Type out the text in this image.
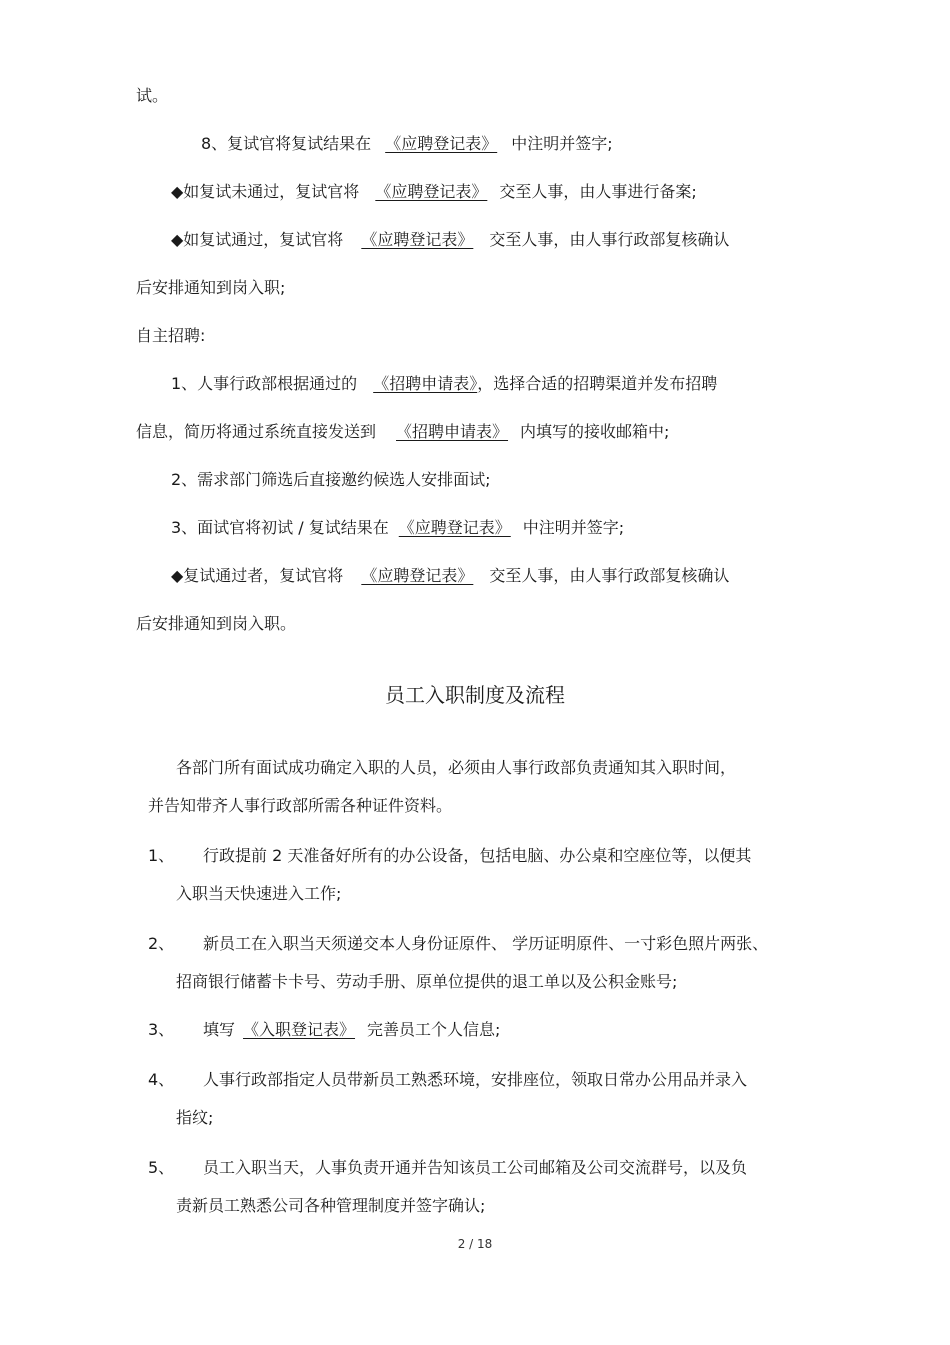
试。
8、复试官将复试结果在 《应聘登记表》 中注明并签字;
◆如复试未通过，复试官将 《应聘登记表》 交至人事，由人事进行备案;
◆如复试通过，复试官将 《应聘登记表》 交至人事，由人事行政部复核确认
后安排通知到岗入职;
自主招聘:
1、人事行政部根据通过的 《招聘申请表》，选择合适的招聘渠道并发布招聘
信息，简历将通过系统直接发送到 《招聘申请表》 内填写的接收邮箱中;
2、需求部门筛选后直接邀约候选人安排面试;
3、面试官将初试 / 复试结果在 《应聘登记表》 中注明并签字;
◆复试通过者，复试官将 《应聘登记表》 交至人事，由人事行政部复核确认
后安排通知到岗入职。
员工入职制度及流程
各部门所有面试成功确定入职的人员，必须由人事行政部负责通知其入职时间，
并告知带齐人事行政部所需各种证件资料。
1、 行政提前 2 天准备好所有的办公设备，包括电脑、办公桌和空座位等，以便其
入职当天快速进入工作;
2、 新员工在入职当天须递交本人身份证原件、 学历证明原件、一寸彩色照片两张、
招商银行储蓄卡卡号、劳动手册、原单位提供的退工单以及公积金账号;
3、 填写 《入职登记表》 完善员工个人信息;
4、 人事行政部指定人员带新员工熟悉环境，安排座位，领取日常办公用品并录入
指纹;
5、 员工入职当天，人事负责开通并告知该员工公司邮箱及公司交流群号，以及负
责新员工熟悉公司各种管理制度并签字确认;
2 / 18
